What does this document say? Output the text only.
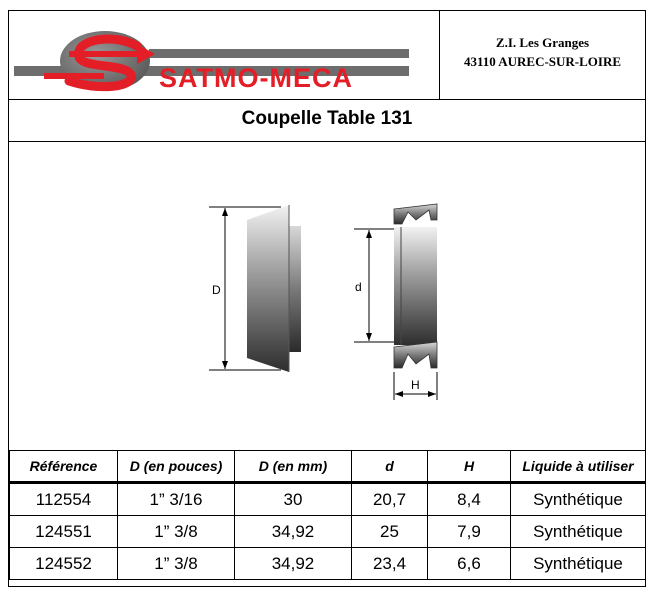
SATMO-MECA
Z.I. Les Granges
43110 AUREC-SUR-LOIRE
Coupelle Table 131
D	d
H
Référence	D (en pouces)	D (en mm)	d	H	Liquide à utiliser
112554	1” 3/16	30	20,7	8,4	Synthétique
124551	1” 3/8	34,92	25	7,9	Synthétique
124552	1” 3/8	34,92	23,4	6,6	Synthétique
